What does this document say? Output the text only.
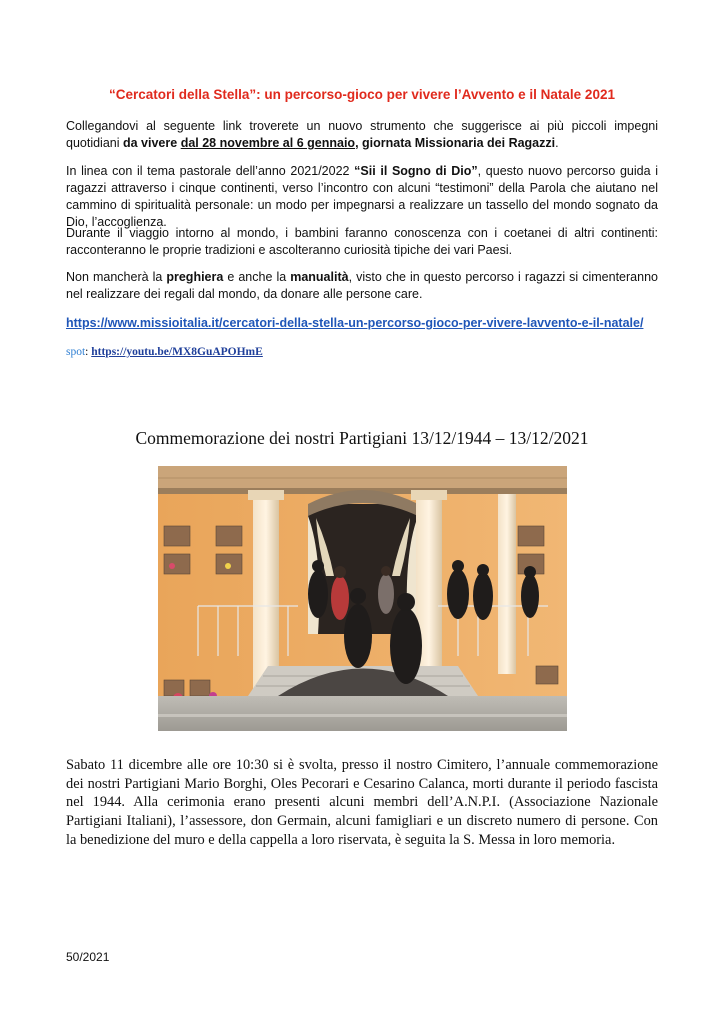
“Cercatori della Stella”: un percorso-gioco per vivere l’Avvento e il Natale 2021

Collegandovi al seguente link troverete un nuovo strumento che suggerisce ai più piccoli impegni quotidiani da vivere dal 28 novembre al 6 gennaio, giornata Missionaria dei Ragazzi.

In linea con il tema pastorale dell’anno 2021/2022 “Sii il Sogno di Dio”, questo nuovo percorso guida i ragazzi attraverso i cinque continenti, verso l’incontro con alcuni “testimoni” della Parola che aiutano nel cammino di spiritualità personale: un modo per impegnarsi a realizzare un tassello del mondo sognato da Dio, l’accoglienza.

Durante il viaggio intorno al mondo, i bambini faranno conoscenza con i coetanei di altri continenti: racconteranno le proprie tradizioni e ascolteranno curiosità tipiche dei vari Paesi.

Non mancherà la preghiera e anche la manualità, visto che in questo percorso i ragazzi si cimenteranno nel realizzare dei regali dal mondo, da donare alle persone care.

https://www.missioitalia.it/cercatori-della-stella-un-percorso-gioco-per-vivere-lavvento-e-il-natale/
spot: https://youtu.be/MX8GuAPOHmE
Commemorazione dei nostri Partigiani 13/12/1944 – 13/12/2021

Sabato 11 dicembre alle ore 10:30 si è svolta, presso il nostro Cimitero, l’annuale commemorazione dei nostri Partigiani Mario Borghi, Oles Pecorari e Cesarino Calanca, morti durante il periodo fascista nel 1944. Alla cerimonia erano presenti alcuni membri dell’A.N.P.I. (Associazione Nazionale Partigiani Italiani), l’assessore, don Germain, alcuni famigliari e un discreto numero di persone. Con la benedizione del muro e della cappella a loro riservata, è seguita la S. Messa in loro memoria.

50/2021
